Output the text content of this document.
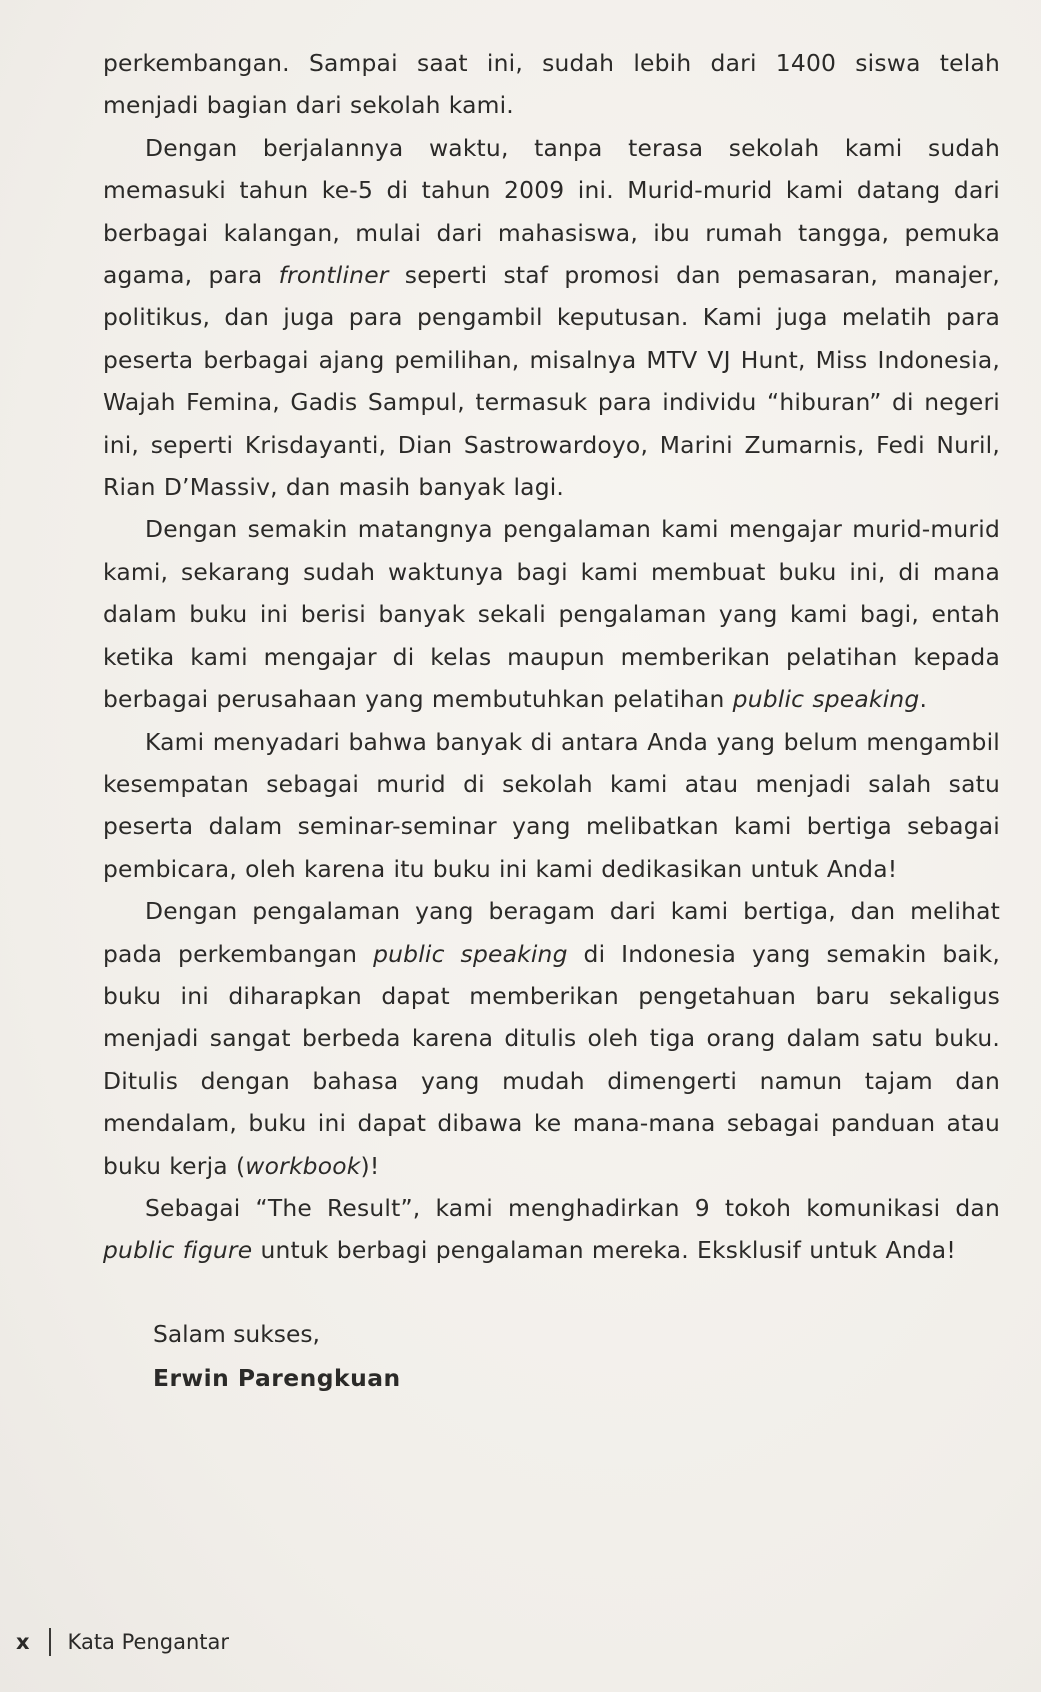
perkembangan. Sampai saat ini, sudah lebih dari 1400 siswa telah menjadi bagian dari sekolah kami.

Dengan berjalannya waktu, tanpa terasa sekolah kami sudah memasuki tahun ke-5 di tahun 2009 ini. Murid-murid kami datang dari berbagai kalangan, mulai dari mahasiswa, ibu rumah tangga, pemuka agama, para frontliner seperti staf promosi dan pemasaran, manajer, politikus, dan juga para pengambil keputusan. Kami juga melatih para peserta berbagai ajang pemilihan, misalnya MTV VJ Hunt, Miss Indonesia, Wajah Femina, Gadis Sampul, termasuk para individu “hiburan” di negeri ini, seperti Krisdayanti, Dian Sastrowardoyo, Marini Zumarnis, Fedi Nuril, Rian D’Massiv, dan masih banyak lagi.

Dengan semakin matangnya pengalaman kami mengajar murid-murid kami, sekarang sudah waktunya bagi kami membuat buku ini, di mana dalam buku ini berisi banyak sekali pengalaman yang kami bagi, entah ketika kami mengajar di kelas maupun memberikan pelatihan kepada berbagai perusahaan yang membutuhkan pelatihan public speaking.

Kami menyadari bahwa banyak di antara Anda yang belum mengambil kesempatan sebagai murid di sekolah kami atau menjadi salah satu peserta dalam seminar-seminar yang melibatkan kami bertiga sebagai pembicara, oleh karena itu buku ini kami dedikasikan untuk Anda!

Dengan pengalaman yang beragam dari kami bertiga, dan melihat pada perkembangan public speaking di Indonesia yang semakin baik, buku ini diharapkan dapat memberikan pengetahuan baru sekaligus menjadi sangat berbeda karena ditulis oleh tiga orang dalam satu buku. Ditulis dengan bahasa yang mudah dimengerti namun tajam dan mendalam, buku ini dapat dibawa ke mana-mana sebagai panduan atau buku kerja (workbook)!

Sebagai “The Result”, kami menghadirkan 9 tokoh komunikasi dan public figure untuk berbagi pengalaman mereka. Eksklusif untuk Anda!

Salam sukses,
Erwin Parengkuan
x Kata Pengantar
